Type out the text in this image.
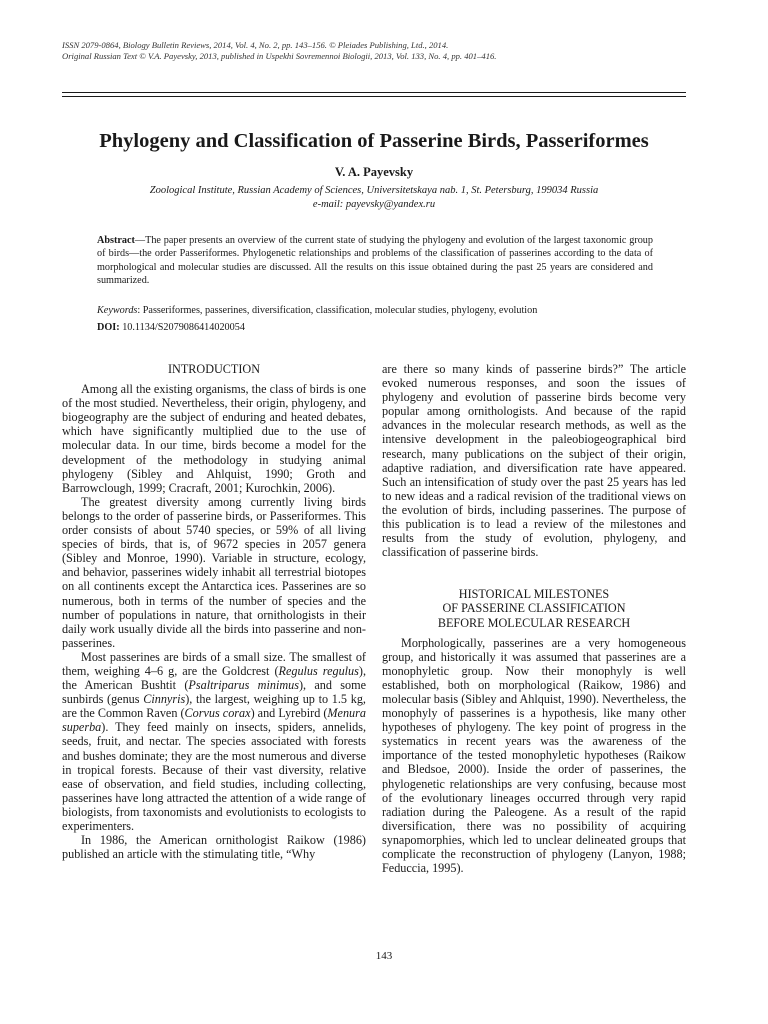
ISSN 2079-0864, Biology Bulletin Reviews, 2014, Vol. 4, No. 2, pp. 143–156. © Pleiades Publishing, Ltd., 2014.
Original Russian Text © V.A. Payevsky, 2013, published in Uspekhi Sovremennoi Biologii, 2013, Vol. 133, No. 4, pp. 401–416.
Phylogeny and Classification of Passerine Birds, Passeriformes
V. A. Payevsky
Zoological Institute, Russian Academy of Sciences, Universitetskaya nab. 1, St. Petersburg, 199034 Russia
e-mail: payevsky@yandex.ru

Abstract—The paper presents an overview of the current state of studying the phylogeny and evolution of the largest taxonomic group of birds—the order Passeriformes. Phylogenetic relationships and problems of the classification of passerines according to the data of morphological and molecular studies are discussed. All the results on this issue obtained during the past 25 years are considered and summarized.

Keywords: Passeriformes, passerines, diversification, classification, molecular studies, phylogeny, evolution

DOI: 10.1134/S2079086414020054

INTRODUCTION

Among all the existing organisms, the class of birds is one of the most studied. Nevertheless, their origin, phylogeny, and biogeography are the subject of enduring and heated debates, which have significantly multiplied due to the use of molecular data. In our time, birds become a model for the development of the methodology in studying animal phylogeny (Sibley and Ahlquist, 1990; Groth and Barrowclough, 1999; Cracraft, 2001; Kurochkin, 2006).

The greatest diversity among currently living birds belongs to the order of passerine birds, or Passeriformes. This order consists of about 5740 species, or 59% of all living species of birds, that is, of 9672 species in 2057 genera (Sibley and Monroe, 1990). Variable in structure, ecology, and behavior, passerines widely inhabit all terrestrial biotopes on all continents except the Antarctica ices. Passerines are so numerous, both in terms of the number of species and the number of populations in nature, that ornithologists in their daily work usually divide all the birds into passerine and non-passerines.

Most passerines are birds of a small size. The smallest of them, weighing 4–6 g, are the Goldcrest (Regulus regulus), the American Bushtit (Psaltriparus minimus), and some sunbirds (genus Cinnyris), the largest, weighing up to 1.5 kg, are the Common Raven (Corvus corax) and Lyrebird (Menura superba). They feed mainly on insects, spiders, annelids, seeds, fruit, and nectar. The species associated with forests and bushes dominate; they are the most numerous and diverse in tropical forests. Because of their vast diversity, relative ease of observation, and field studies, including collecting, passerines have long attracted the attention of a wide range of biologists, from taxonomists and evolutionists to ecologists to experimenters.

In 1986, the American ornithologist Raikow (1986) published an article with the stimulating title, “Why

are there so many kinds of passerine birds?” The article evoked numerous responses, and soon the issues of phylogeny and evolution of passerine birds become very popular among ornithologists. And because of the rapid advances in the molecular research methods, as well as the intensive development in the paleobiogeographical bird research, many publications on the subject of their origin, adaptive radiation, and diversification rate have appeared. Such an intensification of study over the past 25 years has led to new ideas and a radical revision of the traditional views on the evolution of birds, including passerines. The purpose of this publication is to lead a review of the milestones and results from the study of evolution, phylogeny, and classification of passerine birds.

HISTORICAL MILESTONES
OF PASSERINE CLASSIFICATION
BEFORE MOLECULAR RESEARCH

Morphologically, passerines are a very homogeneous group, and historically it was assumed that passerines are a monophyletic group. Now their monophyly is well established, both on morphological (Raikow, 1986) and molecular basis (Sibley and Ahlquist, 1990). Nevertheless, the monophyly of passerines is a hypothesis, like many other hypotheses of phylogeny. The key point of progress in the systematics in recent years was the awareness of the importance of the tested monophyletic hypotheses (Raikow and Bledsoe, 2000). Inside the order of passerines, the phylogenetic relationships are very confusing, because most of the evolutionary lineages occurred through very rapid radiation during the Paleogene. As a result of the rapid diversification, there was no possibility of acquiring synapomorphies, which led to unclear delineated groups that complicate the reconstruction of phylogeny (Lanyon, 1988; Feduccia, 1995).

143
